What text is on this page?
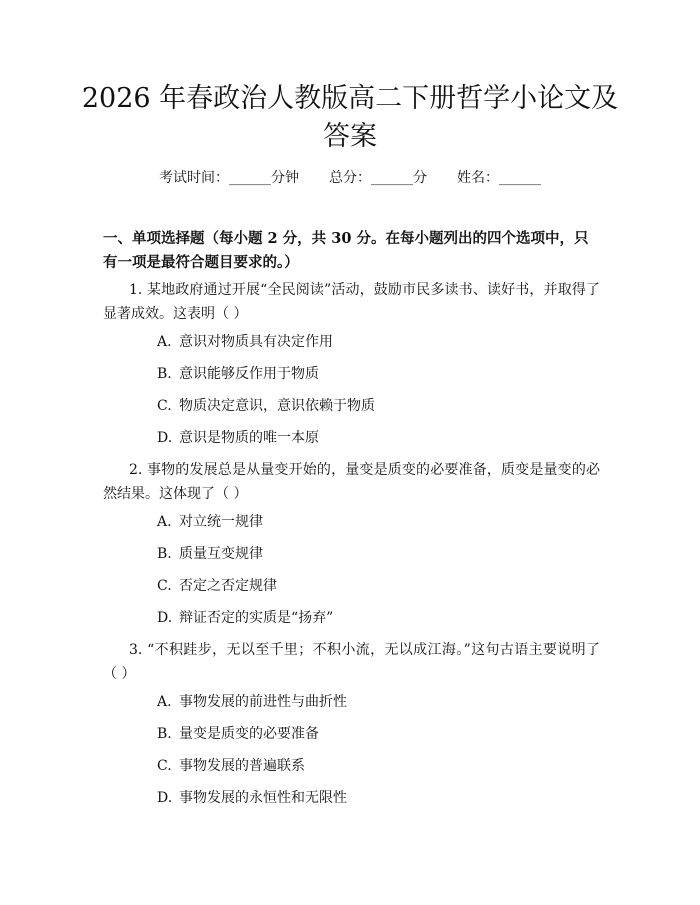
2026 年春政治人教版高二下册哲学小论文及答案
考试时间：______分钟 总分：______分 姓名：______

一、单项选择题（每小题 2 分，共 30 分。在每小题列出的四个选项中，只有一项是最符合题目要求的。）

1. 某地政府通过开展“全民阅读”活动，鼓励市民多读书、读好书，并取得了显著成效。这表明（ ）

A. 意识对物质具有决定作用

B. 意识能够反作用于物质

C. 物质决定意识，意识依赖于物质

D. 意识是物质的唯一本原

2. 事物的发展总是从量变开始的，量变是质变的必要准备，质变是量变的必然结果。这体现了（ ）

A. 对立统一规律

B. 质量互变规律

C. 否定之否定规律

D. 辩证否定的实质是“扬弃”

3. “不积跬步，无以至千里；不积小流，无以成江海。”这句古语主要说明了（ ）

A. 事物发展的前进性与曲折性

B. 量变是质变的必要准备

C. 事物发展的普遍联系

D. 事物发展的永恒性和无限性
